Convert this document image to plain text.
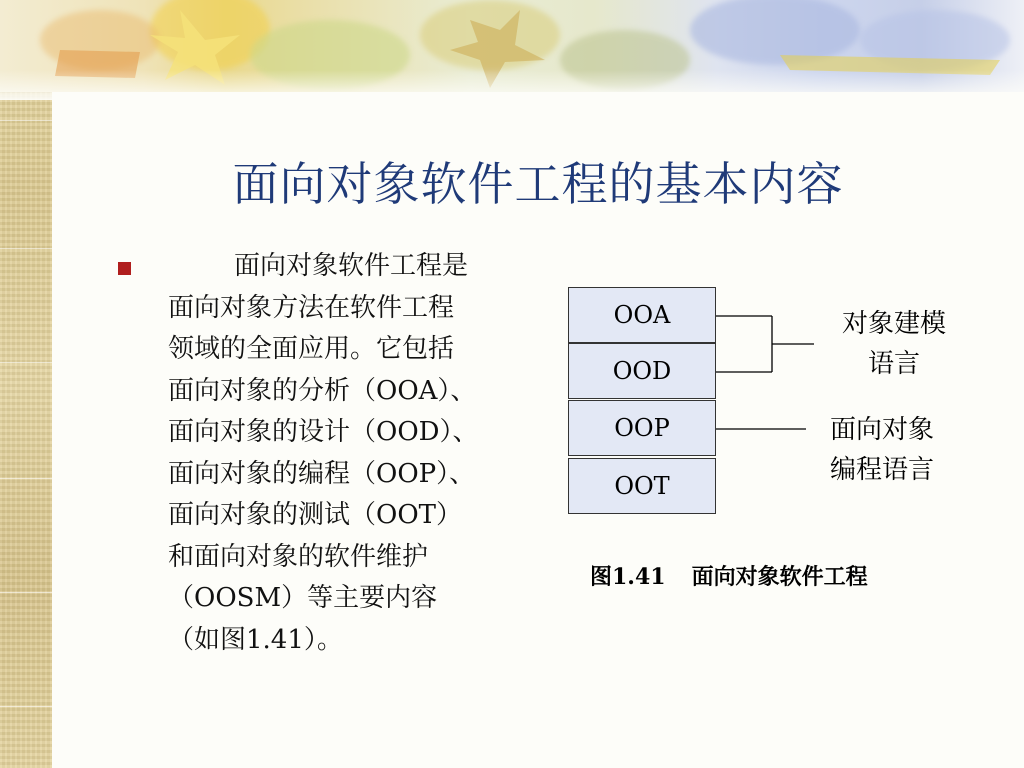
面向对象软件工程的基本内容
面向对象软件工程是
面向对象方法在软件工程
领域的全面应用。它包括
面向对象的分析（OOA）、
面向对象的设计（OOD）、
面向对象的编程（OOP）、
面向对象的测试（OOT）
和面向对象的软件维护
（OOSM）等主要内容
（如图1.41）。
OOA
OOD
OOP
OOT
对象建模
语言
面向对象
编程语言
图1.41 面向对象软件工程
